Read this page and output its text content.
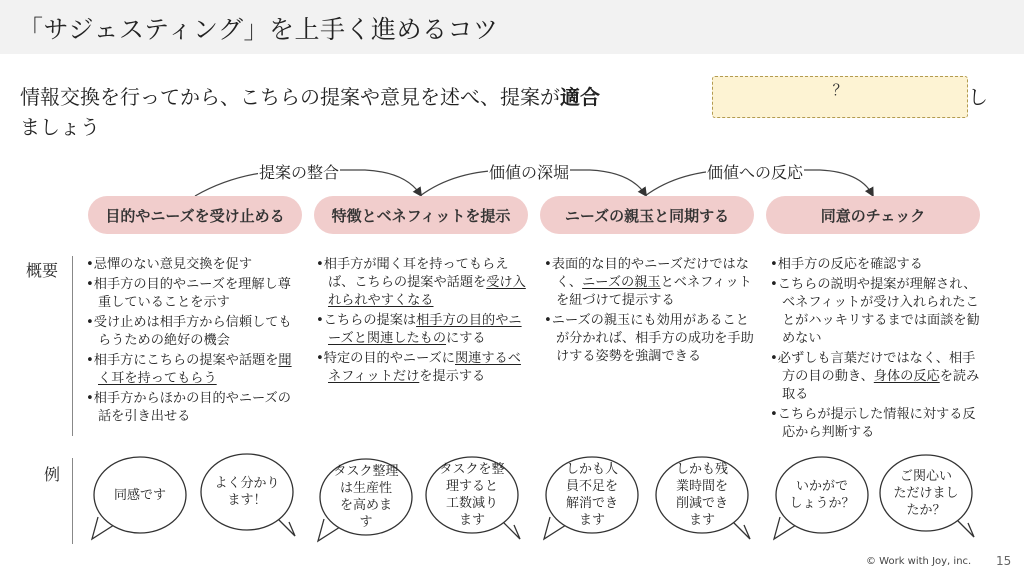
「サジェスティング」を上手く進めるコツ
情報交換を行ってから、こちらの提案や意見を述べ、提案が適合	？	し
ましょう
提案の整合	価値の深堀	価値への反応
目的やニーズを受け止める	特徴とベネフィットを提示	ニーズの親玉と同期する	同意のチェック
概要
例
•忌憚のない意見交換を促す
•相手方の目的やニーズを理解し尊重していることを示す
•受け止めは相手方から信頼してもらうための絶好の機会
•相手方にこちらの提案や話題を聞く耳を持ってもらう
•相手方からほかの目的やニーズの話を引き出せる
•相手方が聞く耳を持ってもらえば、こちらの提案や話題を受け入れられやすくなる
•こちらの提案は相手方の目的やニーズと関連したものにする
•特定の目的やニーズに関連するベネフィットだけを提示する
•表面的な目的やニーズだけではなく、ニーズの親玉とベネフィットを紐づけて提示する
•ニーズの親玉にも効用があることが分かれば、相手方の成功を手助けする姿勢を強調できる
•相手方の反応を確認する
•こちらの説明や提案が理解され、ベネフィットが受け入れられたことがハッキリするまでは面談を勧めない
•必ずしも言葉だけではなく、相手方の目の動き、身体の反応を読み取る
•こちらが提示した情報に対する反応から判断する
同感です
よく分かり
ます！
タスク整理
は生産性
を高めま
す
タスクを整
理すると
工数減り
ます
しかも人
員不足を
解消でき
ます
しかも残
業時間を
削減でき
ます
いかがで
しょうか？
ご関心い
ただけまし
たか？
© Work with Joy, inc. 15
